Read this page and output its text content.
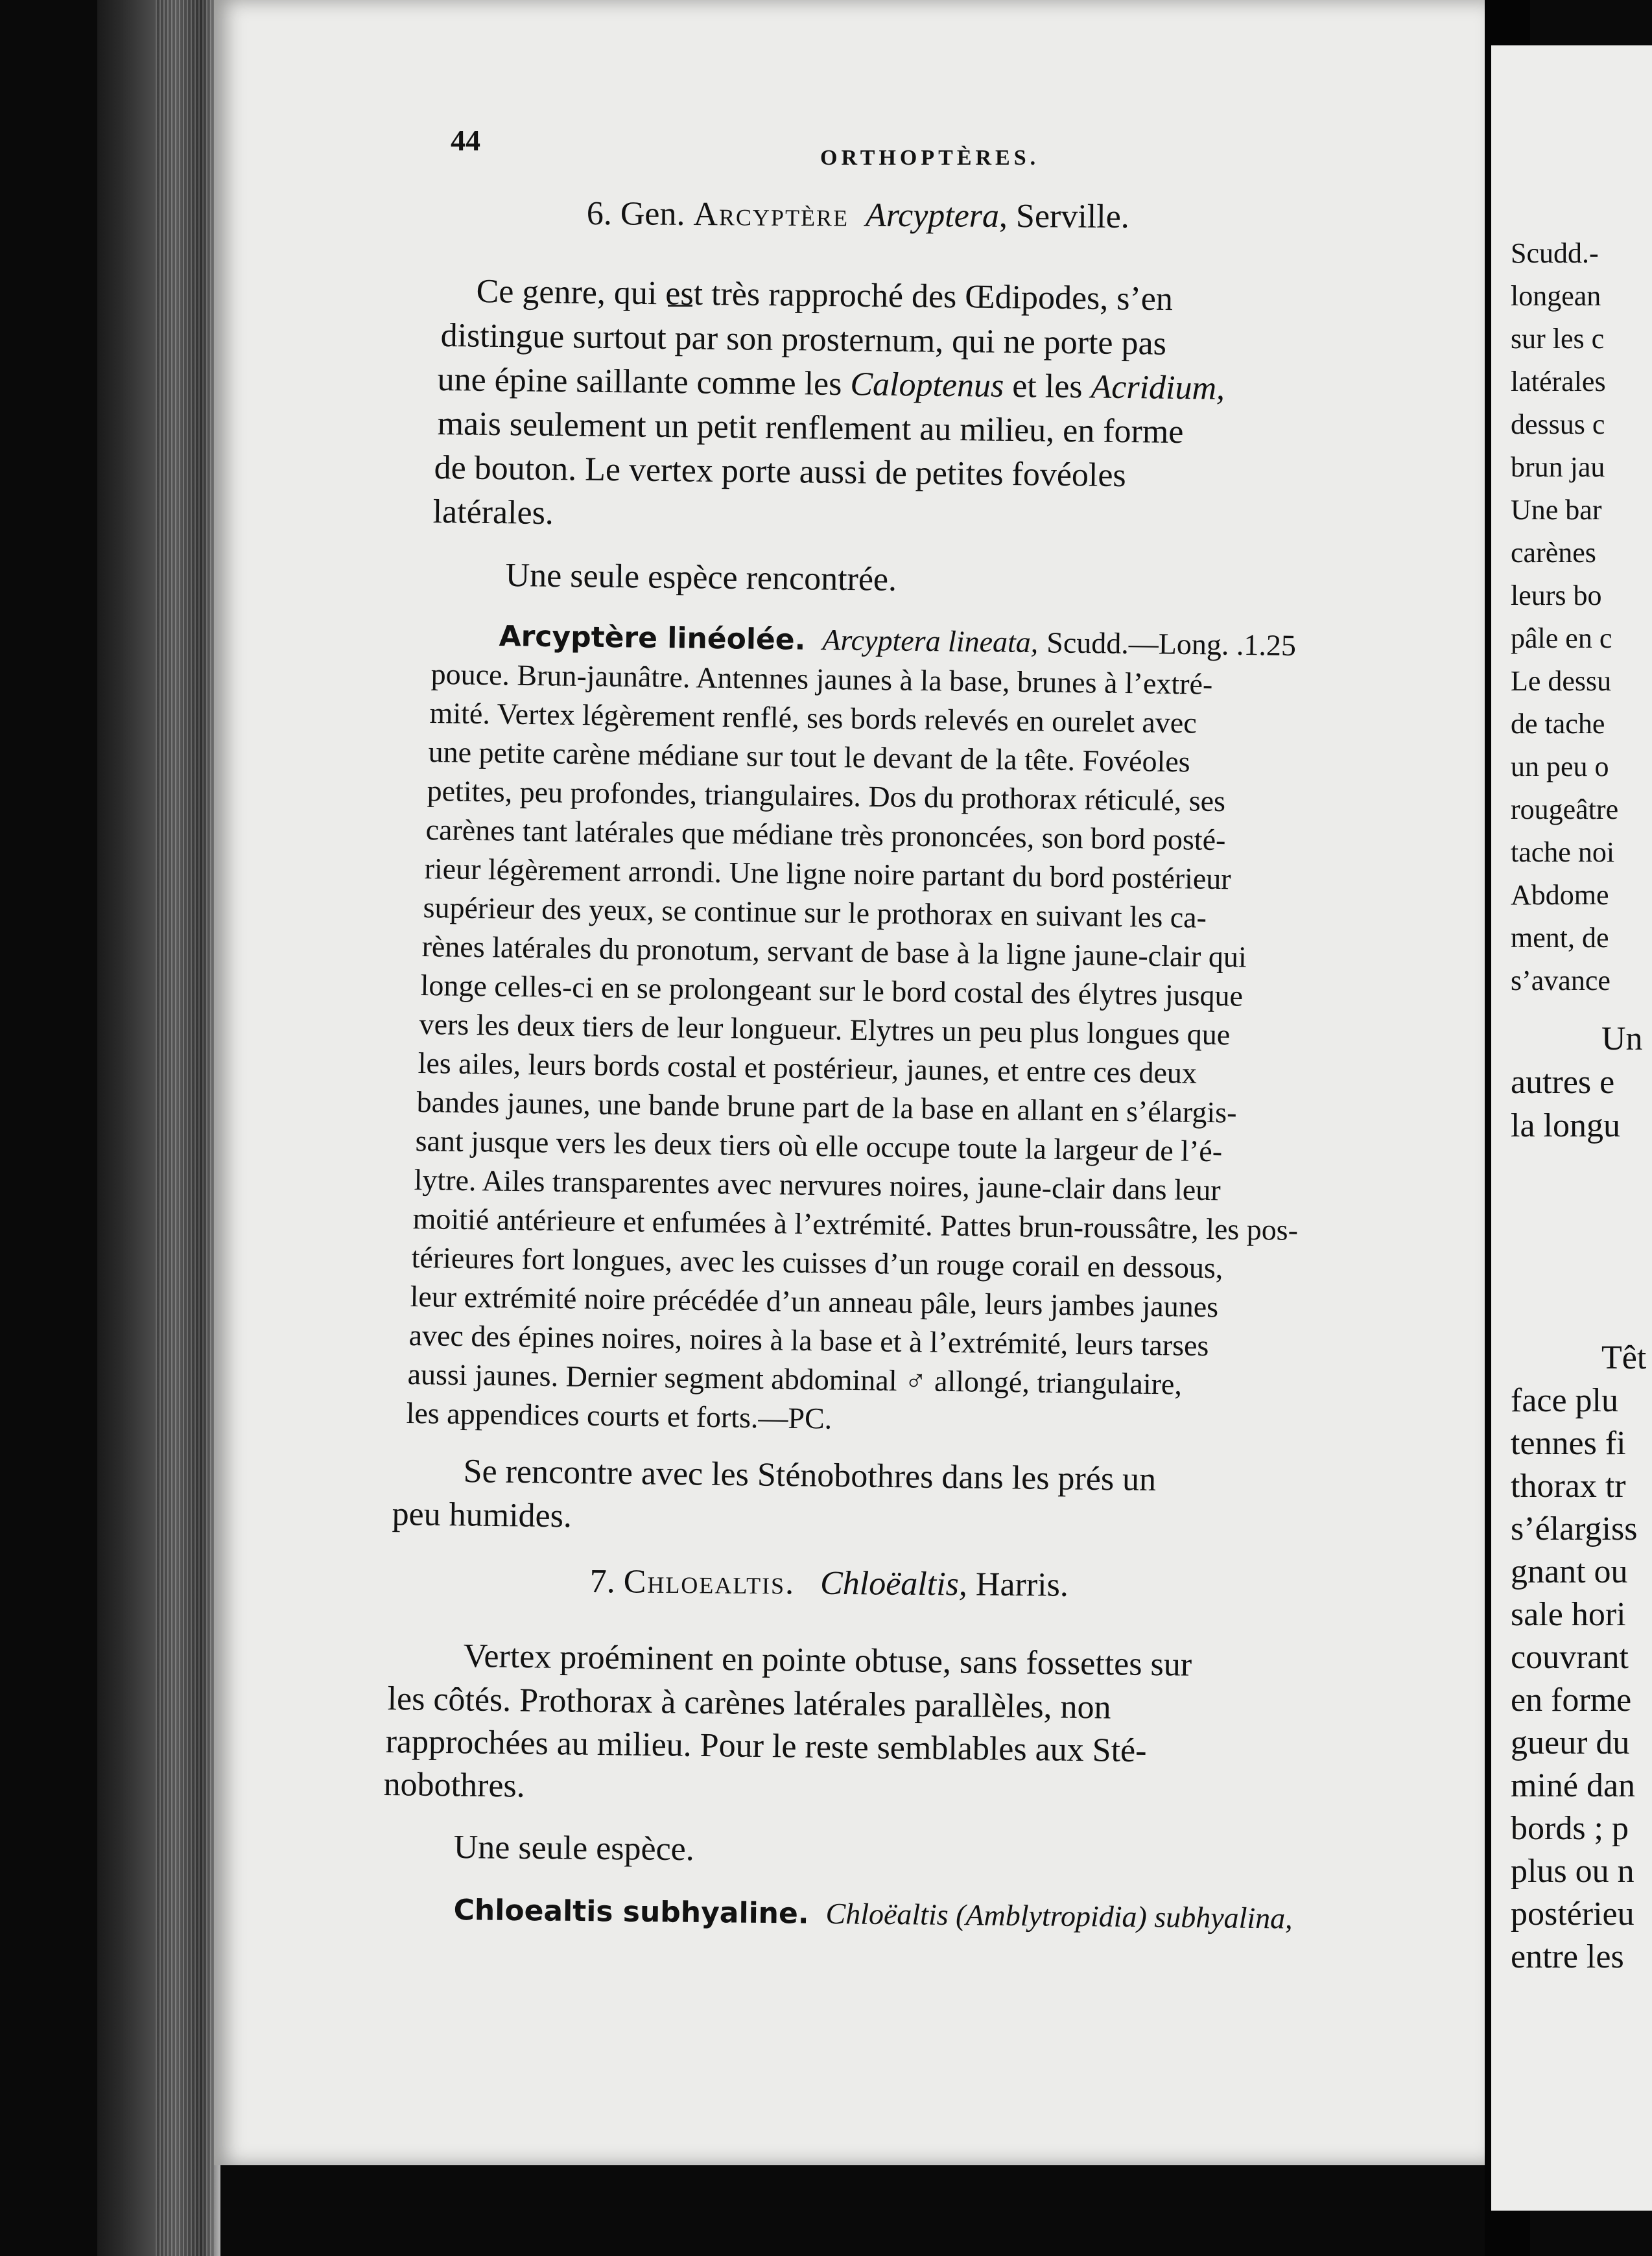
44
ORTHOPTÈRES.
6. Gen. Arcyptère Arcyptera, Serville.
Ce genre, qui est très rapproché des Œdipodes, s’en
distingue surtout par son prosternum, qui ne porte pas
une épine saillante comme les Caloptenus et les Acridium,
mais seulement un petit renflement au milieu, en forme
de bouton. Le vertex porte aussi de petites fovéoles
latérales.
Une seule espèce rencontrée.
Arcyptère linéolée. Arcyptera lineata, Scudd.—Long. .1.25
pouce. Brun-jaunâtre. Antennes jaunes à la base, brunes à l’extré-
mité. Vertex légèrement renflé, ses bords relevés en ourelet avec
une petite carène médiane sur tout le devant de la tête. Fovéoles
petites, peu profondes, triangulaires. Dos du prothorax réticulé, ses
carènes tant latérales que médiane très prononcées, son bord posté-
rieur légèrement arrondi. Une ligne noire partant du bord postérieur
supérieur des yeux, se continue sur le prothorax en suivant les ca-
rènes latérales du pronotum, servant de base à la ligne jaune-clair qui
longe celles-ci en se prolongeant sur le bord costal des élytres jusque
vers les deux tiers de leur longueur. Elytres un peu plus longues que
les ailes, leurs bords costal et postérieur, jaunes, et entre ces deux
bandes jaunes, une bande brune part de la base en allant en s’élargis-
sant jusque vers les deux tiers où elle occupe toute la largeur de l’é-
lytre. Ailes transparentes avec nervures noires, jaune-clair dans leur
moitié antérieure et enfumées à l’extrémité. Pattes brun-roussâtre, les pos-
térieures fort longues, avec les cuisses d’un rouge corail en dessous,
leur extrémité noire précédée d’un anneau pâle, leurs jambes jaunes
avec des épines noires, noires à la base et à l’extrémité, leurs tarses
aussi jaunes. Dernier segment abdominal ♂ allongé, triangulaire,
les appendices courts et forts.—PC.
Se rencontre avec les Sténobothres dans les prés un
peu humides.
7. Chloealtis. Chloëaltis, Harris.
Vertex proéminent en pointe obtuse, sans fossettes sur
les côtés. Prothorax à carènes latérales parallèles, non
rapprochées au milieu. Pour le reste semblables aux Sté-
nobothres.
Une seule espèce.
Chloealtis subhyaline. Chloëaltis (Amblytropidia) subhyalina,
Scudd.-
longean
sur les c
latérales
dessus c
brun jau
Une bar
carènes
leurs bo
pâle en c
Le dessu
de tache
un peu o
rougeâtre
tache noi
Abdome
ment, de
s’avance
Un
autres e
la longu
Têt
face plu
tennes fi
thorax tr
s’élargiss
gnant ou
sale hori
couvrant
en forme
gueur du
miné dan
bords ; p
plus ou n
postérieu
entre les
